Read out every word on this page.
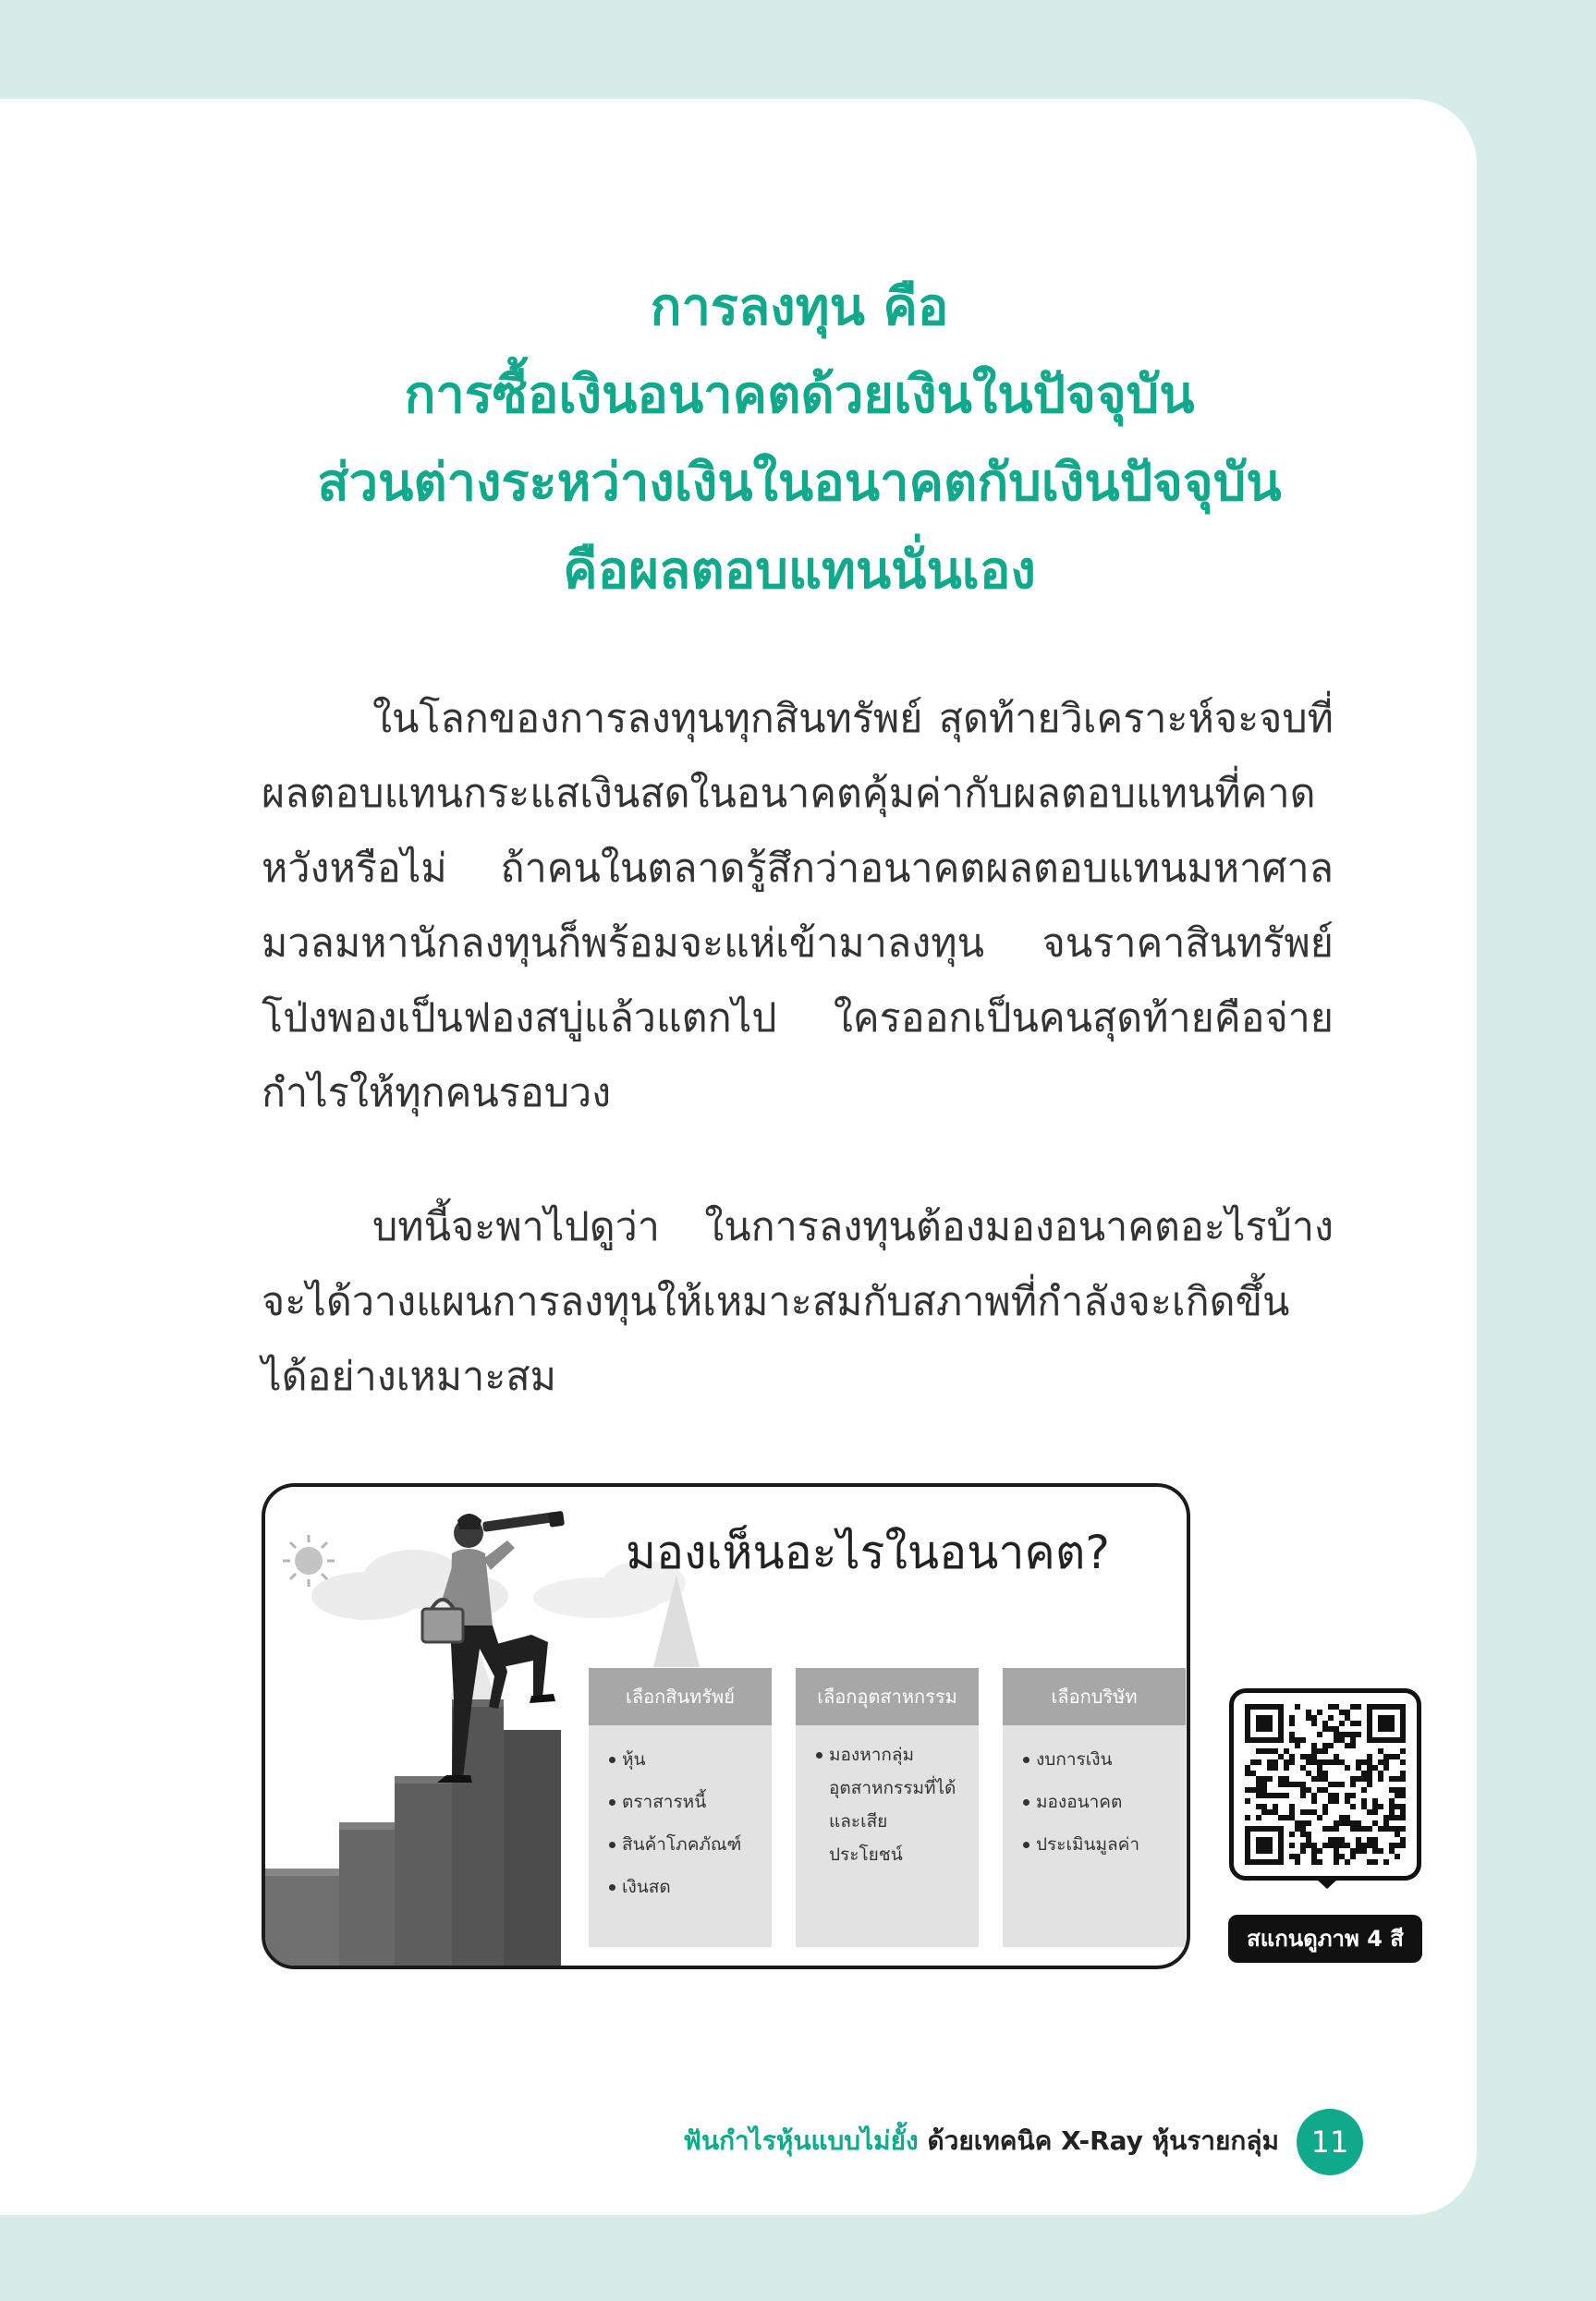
การลงทุน คือ
การซื้อเงินอนาคตด้วยเงินในปัจจุบัน
ส่วนต่างระหว่างเงินในอนาคตกับเงินปัจจุบัน
คือผลตอบแทนนั่นเอง

ในโลกของการลงทุนทุกสินทรัพย์ สุดท้ายวิเคราะห์จะจบที่ผลตอบแทนกระแสเงินสดในอนาคตคุ้มค่ากับผลตอบแทนที่คาดหวังหรือไม่ ถ้าคนในตลาดรู้สึกว่าอนาคตผลตอบแทนมหาศาล มวลมหานักลงทุนก็พร้อมจะแห่เข้ามาลงทุน จนราคาสินทรัพย์โป่งพองเป็นฟองสบู่แล้วแตกไป ใครออกเป็นคนสุดท้ายคือจ่ายกำไรให้ทุกคนรอบวง

บทนี้จะพาไปดูว่า ในการลงทุนต้องมองอนาคตอะไรบ้างจะได้วางแผนการลงทุนให้เหมาะสมกับสภาพที่กำลังจะเกิดขึ้นได้อย่างเหมาะสม

มองเห็นอะไรในอนาคต?
เลือกสินทรัพย์
หุ้น
ตราสารหนี้
สินค้าโภคภัณฑ์
เงินสด
เลือกอุตสาหกรรม
มองหากลุ่มอุตสาหกรรมที่ได้และเสียประโยชน์
เลือกบริษัท
งบการเงิน
มองอนาคต
ประเมินมูลค่า
สแกนดูภาพ 4 สี
ฟันกำไรหุ้นแบบไม่ยั้ง ด้วยเทคนิค X-Ray หุ้นรายกลุ่ม	11
